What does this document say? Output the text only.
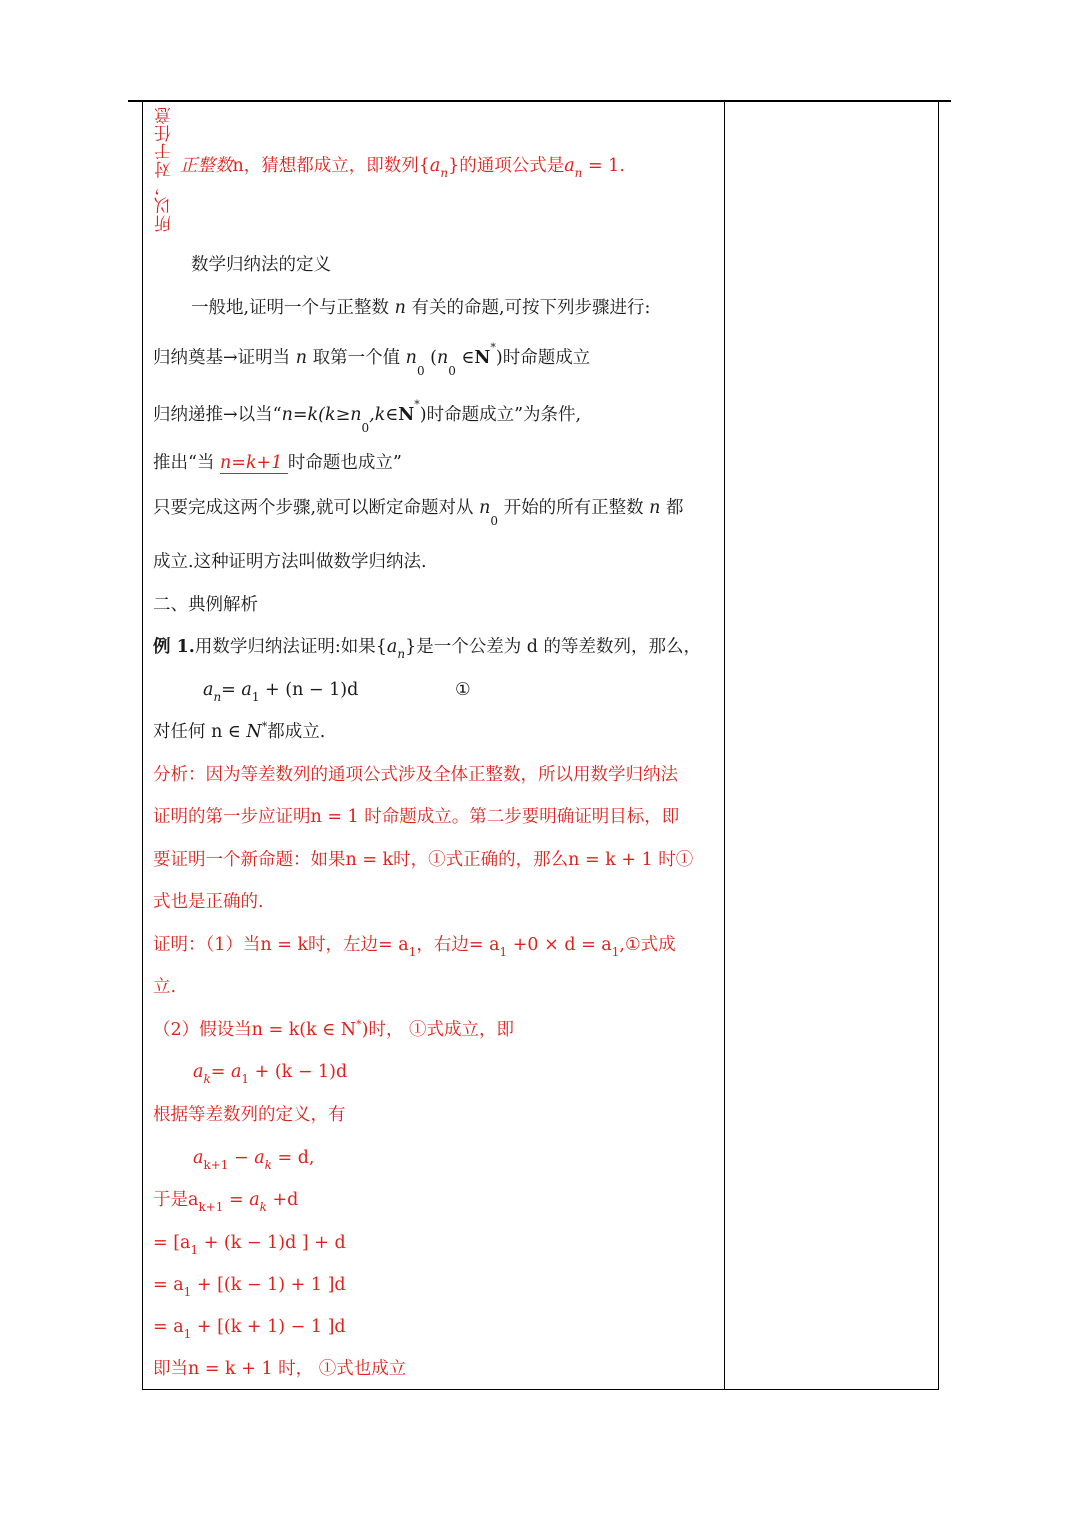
所以，对于任意 正整数n，猜想都成立，即数列$\{a_n\}$的通项公式是$a_n = 1$.
数学归纳法的定义
一般地,证明一个与正整数 n 有关的命题,可按下列步骤进行:
归纳奠基→证明当 n 取第一个值 $n_0$ ($n_0$ ∈N*)时命题成立
归纳递推→以当“$n=k(k\ge n_0,k\in N^*)$时命题成立”为条件,
推出“当 n=k+1 时命题也成立”
只要完成这两个步骤,就可以断定命题对从 $n_0$ 开始的所有正整数 n 都
成立.这种证明方法叫做数学归纳法.
二、典例解析
例 1.用数学归纳法证明:如果$\{a_n\}$是一个公差为 d 的等差数列，那么，
$a_n= a_1 + (n - 1)d$	①
对任何 n ∈ N*都成立.
分析：因为等差数列的通项公式涉及全体正整数，所以用数学归纳法
证明的第一步应证明n = 1 时命题成立。第二步要明确证明目标，即
要证明一个新命题：如果n = k时，①式正确的，那么n = k + 1 时①
式也是正确的.
证明：（1）当n = k时，左边= $a_1$，右边= $a_1 +0 \times d$ = $a_1,①$式成
立.
（2）假设当n = k(k ∈ N*)时， ①式成立，即
$a_k= a_1 + (k - 1)d$
根据等差数列的定义，有
$a_{k+1} - a_k = d$,
于是$a_{k+1} = a_k +d$
= [$a_1 + (k - 1)d$ ] + d
= $a_1 + [(k - 1) + 1$ ]d
= $a_1 + [(k + 1) - 1$ ]d
即当n = k + 1 时， ①式也成立
